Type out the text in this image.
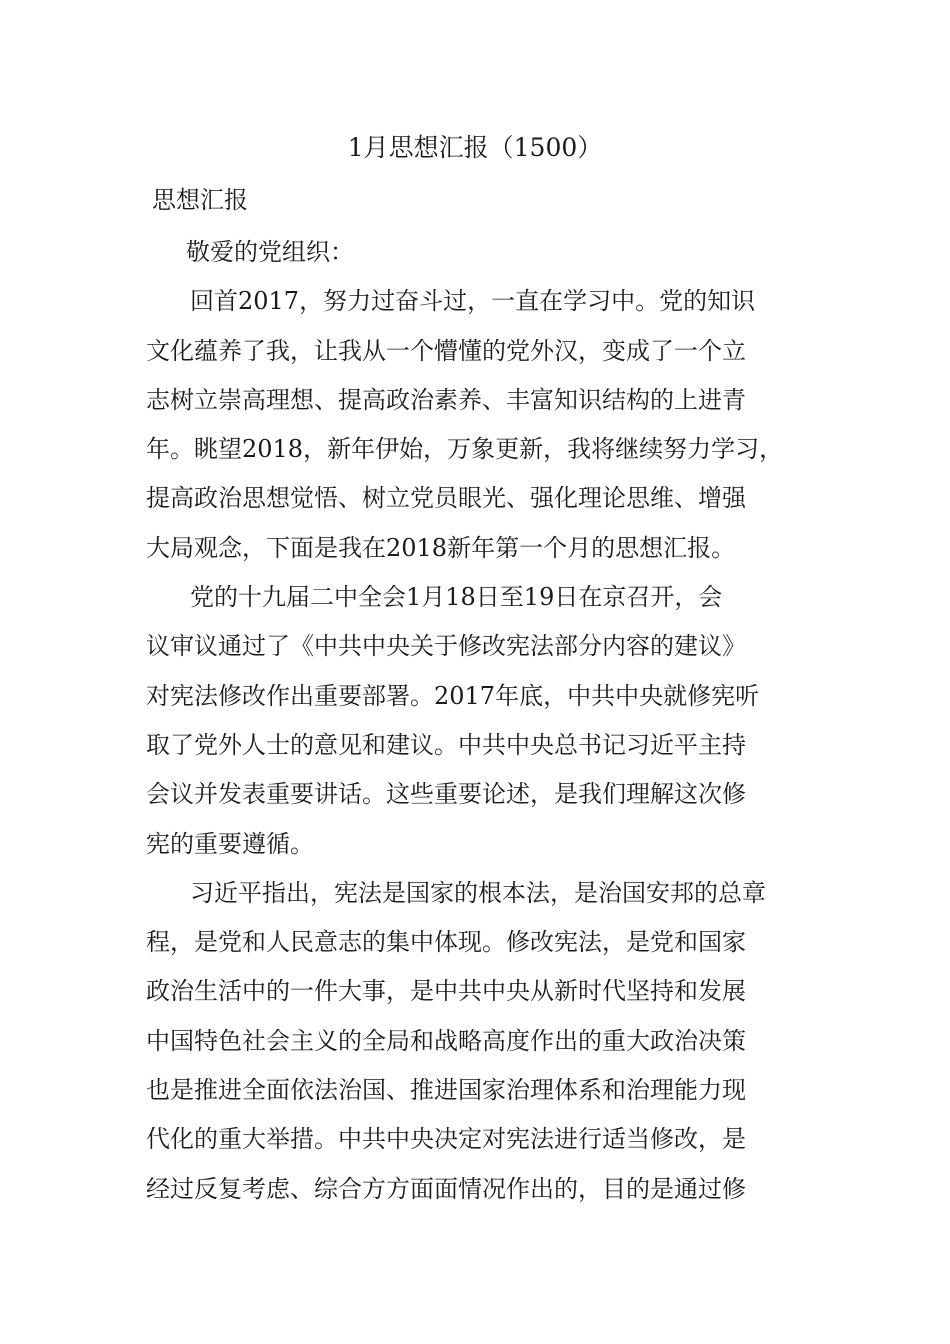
1月思想汇报（1500）
思想汇报
敬爱的党组织：
回首2017，努力过奋斗过，一直在学习中。党的知识
文化蕴养了我，让我从一个懵懂的党外汉，变成了一个立
志树立崇高理想、提高政治素养、丰富知识结构的上进青
年。眺望2018，新年伊始，万象更新，我将继续努力学习，
提高政治思想觉悟、树立党员眼光、强化理论思维、增强
大局观念，下面是我在2018新年第一个月的思想汇报。
党的十九届二中全会1月18日至19日在京召开，会
议审议通过了《中共中央关于修改宪法部分内容的建议》
对宪法修改作出重要部署。2017年底，中共中央就修宪听
取了党外人士的意见和建议。中共中央总书记习近平主持
会议并发表重要讲话。这些重要论述，是我们理解这次修
宪的重要遵循。
习近平指出，宪法是国家的根本法，是治国安邦的总章
程，是党和人民意志的集中体现。修改宪法，是党和国家
政治生活中的一件大事，是中共中央从新时代坚持和发展
中国特色社会主义的全局和战略高度作出的重大政治决策
也是推进全面依法治国、推进国家治理体系和治理能力现
代化的重大举措。中共中央决定对宪法进行适当修改，是
经过反复考虑、综合方方面面情况作出的，目的是通过修
